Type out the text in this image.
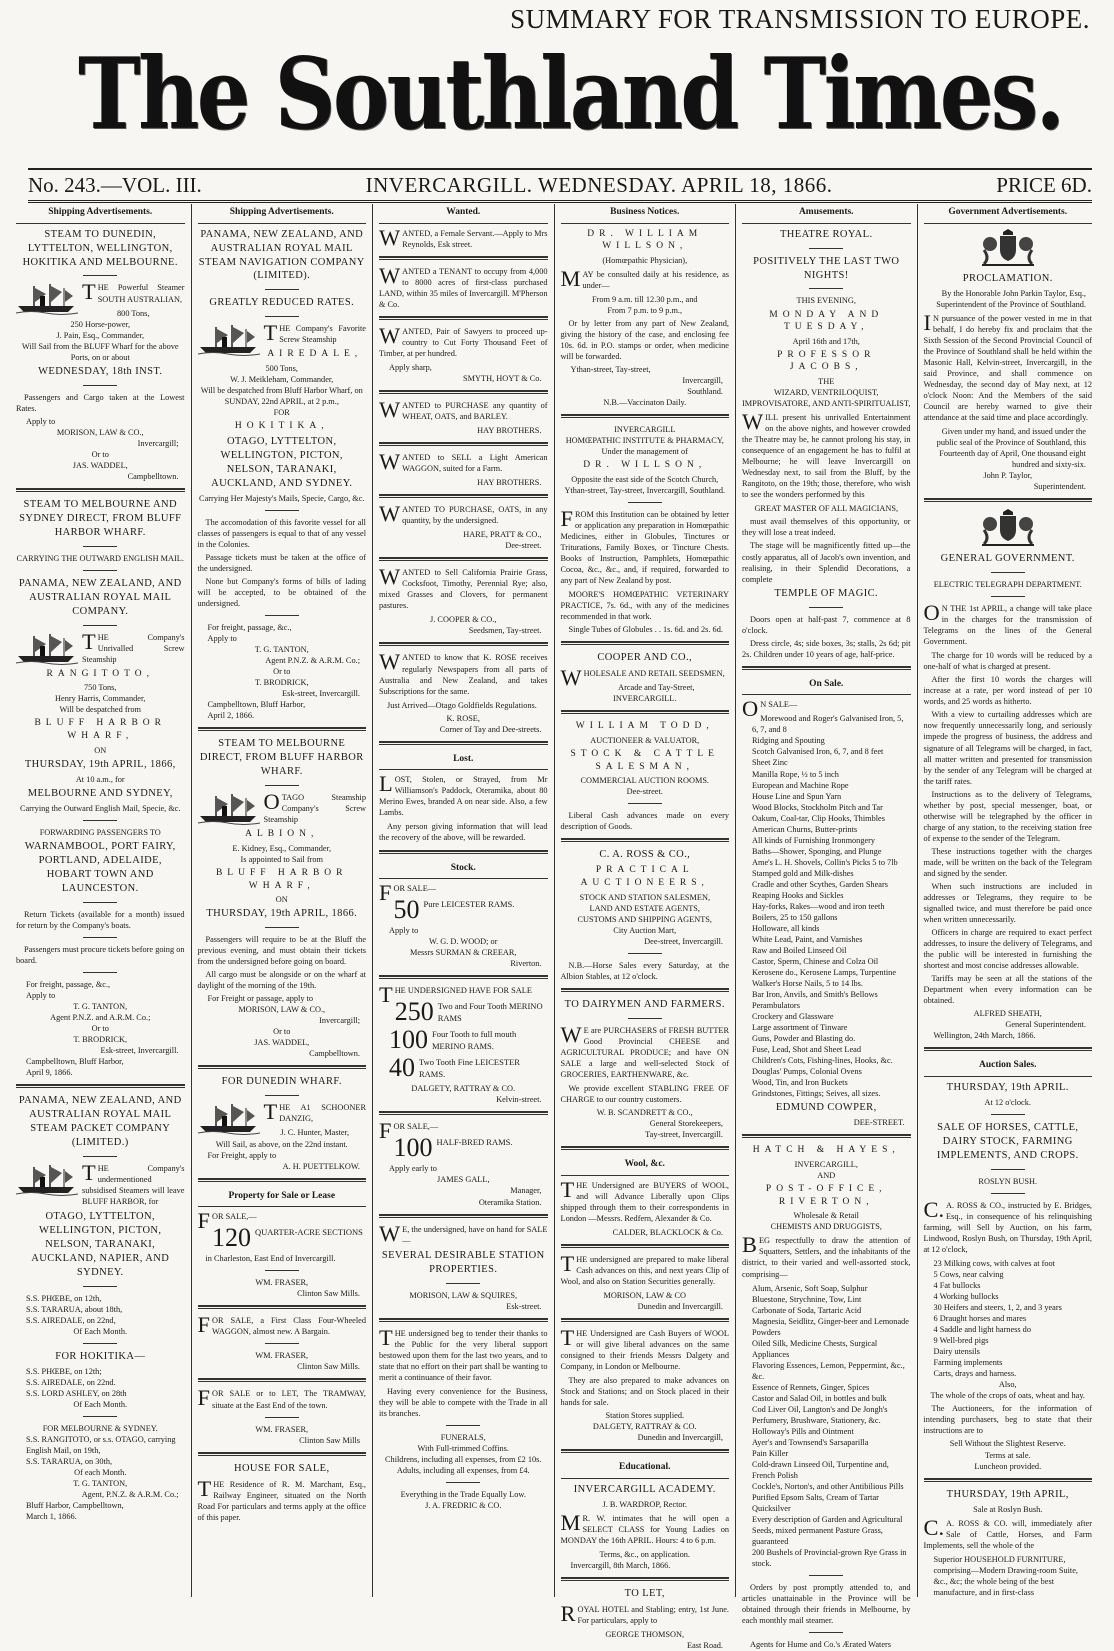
SUMMARY FOR TRANSMISSION TO EUROPE.
The Southland Times.
No. 243.—VOL. III.	INVERCARGILL. WEDNESDAY. APRIL 18, 1866.	PRICE 6D.
Shipping Advertisements.
STEAM TO DUNEDIN, LYTTELTON, WELLINGTON, HOKITIKA AND MELBOURNE.
THE Powerful Steamer SOUTH AUSTRALIAN,
800 Tons,
250 Horse-power,
J. Pain, Esq., Commander,
Will Sail from the BLUFF Wharf for the above Ports, on or about
WEDNESDAY, 18th INST.
Passengers and Cargo taken at the Lowest Rates.
Apply to
MORISON, LAW & CO.,
Invercargill;
Or to
JAS. WADDEL,
Campbelltown.
STEAM TO MELBOURNE AND SYDNEY DIRECT, FROM BLUFF HARBOR WHARF.
CARRYING THE OUTWARD ENGLISH MAIL.
PANAMA, NEW ZEALAND, AND AUSTRALIAN ROYAL MAIL COMPANY.
THE Company's Unrivalled Screw Steamship
RANGITOTO,
750 Tons,
Henry Harris, Commander,
Will be despatched from
BLUFF HARBOR WHARF,
ON
THURSDAY, 19th APRIL, 1866,
At 10 a.m., for
MELBOURNE AND SYDNEY,
Carrying the Outward English Mail, Specie, &c.
FORWARDING PASSENGERS TO
WARNAMBOOL, PORT FAIRY, PORTLAND, ADELAIDE, HOBART TOWN AND LAUNCESTON.
Return Tickets (available for a month) issued for return by the Company's boats.
Passengers must procure tickets before going on board.
For freight, passage, &c.,
Apply to
T. G. TANTON,
Agent P.N.Z. and A.R.M. Co.;
Or to
T. BRODRICK,
Esk-street, Invercargill.
Campbelltown, Bluff Harbor,
April 9, 1866.
PANAMA, NEW ZEALAND, AND AUSTRALIAN ROYAL MAIL STEAM PACKET COMPANY (LIMITED.)
THE Company's undermentioned subsidised Steamers will leave BLUFF HARBOR, for
OTAGO, LYTTELTON, WELLINGTON, PICTON, NELSON, TARANAKI, AUCKLAND, NAPIER, AND SYDNEY.
S.S. PHŒBE, on 12th,
S.S. TARARUA, about 18th,
S.S. AIREDALE, on 22nd,
Of Each Month.
FOR HOKITIKA—
S.S. PHŒBE, on 12th;
S.S. AIREDALE, on 22nd.
S.S. LORD ASHLEY, on 28th
Of Each Month.
FOR MELBOURNE & SYDNEY.
S.S. RANGITOTO, or s.s. OTAGO, carrying English Mail, on 19th,
S.S. TARARUA, on 30th,
Of each Month.
T. G. TANTON,
Agent, P.N.Z. & A.R.M. Co.;
Bluff Harbor, Campbelltown,
March 1, 1866.
Shipping Advertisements.
PANAMA, NEW ZEALAND, AND AUSTRALIAN ROYAL MAIL STEAM NAVIGATION COMPANY (LIMITED).
GREATLY REDUCED RATES.
THE Company's Favorite Screw Steamship
AIREDALE,
500 Tons,
W. J. Meikleham, Commander,
Will be despatched from Bluff Harbor Wharf, on
SUNDAY, 22nd APRIL, at 2 p.m.,
FOR
HOKITIKA,
OTAGO, LYTTELTON, WELLINGTON, PICTON, NELSON, TARANAKI, AUCKLAND, AND SYDNEY.
Carrying Her Majesty's Mails, Specie, Cargo, &c.
The accomodation of this favorite vessel for all classes of passengers is equal to that of any vessel in the Colonies.
Passage tickets must be taken at the office of the undersigned.
None but Company's forms of bills of lading will be accepted, to be obtained of the undersigned.
For freight, passage, &c.,
Apply to
T. G. TANTON,
Agent P.N.Z. & A.R.M. Co.;
Or to
T. BRODRICK,
Esk-street, Invercargill.
Campbelltown, Bluff Harbor,
April 2, 1866.
STEAM TO MELBOURNE DIRECT, FROM BLUFF HARBOR WHARF.
OTAGO Steamship Company's Screw Steamship
ALBION,
E. Kidney, Esq., Commander,
Is appointed to Sail from
BLUFF HARBOR WHARF,
ON
THURSDAY, 19th APRIL, 1866.
Passengers will require to be at the Bluff the previous evening, and must obtain their tickets from the undersigned before going on board.
All cargo must be alongside or on the wharf at daylight of the morning of the 19th.
For Freight or passage, apply to
MORISON, LAW & CO.,
Invercargill;
Or to
JAS. WADDEL,
Campbelltown.
FOR DUNEDIN WHARF.
THE A1 SCHOONER DANZIG,
J. C. Hunter, Master,
Will Sail, as above, on the 22nd instant.
For Freight, apply to
A. H. PUETTELKOW.
Property for Sale or Lease
FOR SALE,—
120 QUARTER-ACRE SECTIONS
in Charleston, East End of Invercargill.
WM. FRASER,
Clinton Saw Mills.
FOR SALE, a First Class Four-Wheeled WAGGON, almost new. A Bargain.
WM. FRASER,
Clinton Saw Mills.
FOR SALE or to LET, The TRAMWAY, situate at the East End of the town.
WM. FRASER,
Clinton Saw Mills
HOUSE FOR SALE,
THE Residence of R. M. Marchant, Esq., Railway Engineer, situated on the North Road For particulars and terms apply at the office of this paper.
Wanted.
WANTED, a Female Servant.—Apply to Mrs Reynolds, Esk street.
WANTED a TENANT to occupy from 4,000 to 8000 acres of first-class purchased LAND, within 35 miles of Invercargill. M'Pherson & Co.
WANTED, Pair of Sawyers to proceed up-country to Cut Forty Thousand Feet of Timber, at per hundred.
Apply sharp,
SMYTH, HOYT & Co.
WANTED to PURCHASE any quantity of WHEAT, OATS, and BARLEY.
HAY BROTHERS.
WANTED to SELL a Light American WAGGON, suited for a Farm.
HAY BROTHERS.
WANTED TO PURCHASE, OATS, in any quantity, by the undersigned.
HARE, PRATT & CO.,
Dee-street.
WANTED to Sell California Prairie Grass, Cocksfoot, Timothy, Perennial Rye; also, mixed Grasses and Clovers, for permanent pastures.
J. COOPER & CO.,
Seedsmen, Tay-street.
WANTED to know that K. ROSE receives regularly Newspapers from all parts of Australia and New Zealand, and takes Subscriptions for the same.
Just Arrived—Otago Goldfields Regulations.
K. ROSE,
Corner of Tay and Dee-streets.
Lost.
LOST, Stolen, or Strayed, from Mr Williamson's Paddock, Oteramika, about 80 Merino Ewes, branded A on near side. Also, a few Lambs.
Any person giving information that will lead the recovery of the above, will be rewarded.
Stock.
FOR SALE—
50 Pure LEICESTER RAMS.
Apply to
W. G. D. WOOD; or
Messrs SURMAN & CREEAR,
Riverton.
THE UNDERSIGNED HAVE FOR SALE
250 Two and Four Tooth MERINO RAMS
100 Four Tooth to full mouth MERINO RAMS.
40 Two Tooth Fine LEICESTER RAMS.
DALGETY, RATTRAY & CO.
Kelvin-street.
FOR SALE,—
100 HALF-BRED RAMS.
Apply early to
JAMES GALL,
Manager,
Oteramika Station.
WE, the undersigned, have on hand for SALE—
SEVERAL DESIRABLE STATION PROPERTIES.
MORISON, LAW & SQUIRES,
Esk-street.
THE undersigned beg to tender their thanks to the Public for the very liberal support bestowed upon them for the last two years, and to state that no effort on their part shall be wanting to merit a continuance of their favor.
Having every convenience for the Business, they will be able to compete with the Trade in all its branches.
FUNERALS,
With Full-trimmed Coffins.
Childrens, including all expenses, from £2 10s. Adults, including all expenses, from £4.
Everything in the Trade Equally Low.
J. A. FREDRIC & CO.
Business Notices.
DR. WILLIAM WILLSON,
(Homœpathic Physician),
MAY be consulted daily at his residence, as under—
From 9 a.m. till 12.30 p.m., and
From 7 p.m. to 9 p.m.,
Or by letter from any part of New Zealand, giving the history of the case, and enclosing fee 10s. 6d. in P.O. stamps or order, when medicine will be forwarded.
Ythan-street, Tay-street,
Invercargill,
Southland.
N.B.—Vaccinaton Daily.
INVERCARGILL
HOMŒPATHIC INSTITUTE & PHARMACY,
Under the management of
DR. WILLSON,
Opposite the east side of the Scotch Church, Ythan-street, Tay-street, Invercargill, Southland.
FROM this Institution can be obtained by letter or application any preparation in Homœpathic Medicines, either in Globules, Tinctures or Triturations, Family Boxes, or Tincture Chests. Books of Instruction, Pamphlets, Homœpathic Cocoa, &c., &c., and, if required, forwarded to any part of New Zealand by post.
MOORE'S HOMŒPATHIC VETERINARY PRACTICE, 7s. 6d., with any of the medicines recommended in that work.
Single Tubes of Globules . . 1s. 6d. and 2s. 6d.
COOPER AND CO.,
WHOLESALE AND RETAIL SEEDSMEN,
Arcade and Tay-Street,
INVERCARGILL.
WILLIAM TODD,
AUCTIONEER & VALUATOR,
STOCK & CATTLE SALESMAN,
COMMERCIAL AUCTION ROOMS.
Dee-street.
Liberal Cash advances made on every description of Goods.
C. A. ROSS & CO.,
PRACTICAL AUCTIONEERS,
STOCK AND STATION SALESMEN,
LAND AND ESTATE AGENTS,
CUSTOMS AND SHIPPING AGENTS,
City Auction Mart,
Dee-street, Invercargill.
N.B.—Horse Sales every Saturday, at the Albion Stables, at 12 o'clock.
TO DAIRYMEN AND FARMERS.
WE are PURCHASERS of FRESH BUTTER Good Provincial CHEESE and AGRICULTURAL PRODUCE; and have ON SALE a large and well-selected Stock of GROCERIES, EARTHENWARE, &c.
We provide excellent STABLING FREE OF CHARGE to our country customers.
W. B. SCANDRETT & CO.,
General Storekeepers,
Tay-street, Invercargill.
Wool, &c.
THE Undersigned are BUYERS of WOOL, and will Advance Liberally upon Clips shipped through them to their correspondents in London —Messrs. Redfern, Alexander & Co.
CALDER, BLACKLOCK & Co.
THE undersigned are prepared to make liberal Cash advances on this, and next years Clip of Wool, and also on Station Securities generally.
MORISON, LAW & CO
Dunedin and Invercargill.
THE Undersigned are Cash Buyers of WOOL or will give liberal advances on the same consigned to their friends Messrs Dalgety and Company, in London or Melbourne.
They are also prepared to make advances on Stock and Stations; and on Stock placed in their hands for sale.
Station Stores supplied.
DALGETY, RATTRAY & CO.
Dunedin and Invercargill,
Educational.
INVERCARGILL ACADEMY.
J. B. WARDROP, Rector.
MR. W. intimates that he will open a SELECT CLASS for Young Ladies on MONDAY the 16th APRIL. Hours: 4 to 6 p.m.
Terms, &c., on application.
Invercargill, 8th March, 1866.
TO LET,
ROYAL HOTEL and Stabling; entry, 1st June. For particulars, apply to
GEORGE THOMSON,
East Road.
Amusements.
THEATRE ROYAL.
POSITIVELY THE LAST TWO NIGHTS!
THIS EVENING,
MONDAY AND TUESDAY,
April 16th and 17th,
PROFESSOR JACOBS,
THE
WIZARD, VENTRILOQUIST, IMPROVISATORE, AND ANTI-SPIRITUALIST,
WILL present his unrivalled Entertainment on the above nights, and however crowded the Theatre may be, he cannot prolong his stay, in consequence of an engagement he has to fulfil at Melbourne; he will leave Invercargill on Wednesday next, to sail from the Bluff, by the Rangitoto, on the 19th; those, therefore, who wish to see the wonders performed by this
GREAT MASTER OF ALL MAGICIANS,
must avail themselves of this opportunity, or they will lose a treat indeed.
The stage will be magnificently fitted up—the costly apparatus, all of Jacob's own invention, and realising, in their Splendid Decorations, a complete
TEMPLE OF MAGIC.
Doors open at half-past 7, commence at 8 o'clock.
Dress circle, 4s; side boxes, 3s; stalls, 2s 6d; pit 2s. Children under 10 years of age, half-price.
On Sale.
ON SALE—
Morewood and Roger's Galvanised Iron, 5, 6, 7, and 8
Ridging and Spouting
Scotch Galvanised Iron, 6, 7, and 8 feet
Sheet Zinc
Manilla Rope, ½ to 5 inch
European and Machine Rope
House Line and Spun Yarn
Wood Blocks, Stockholm Pitch and Tar
Oakum, Coal-tar, Clip Hooks, Thimbles
American Churns, Butter-prints
All kinds of Furnishing Ironmongery
Baths—Shower, Sponging, and Plunge
Ame's L. H. Shovels, Collin's Picks 5 to 7lb
Stamped gold and Milk-dishes
Cradle and other Scythes, Garden Shears
Reaping Hooks and Sickles
Hay-forks, Rakes—wood and iron teeth
Boilers, 25 to 150 gallons
Holloware, all kinds
White Lead, Paint, and Varnishes
Raw and Boiled Linseed Oil
Castor, Sperm, Chinese and Colza Oil
Kerosene do., Kerosene Lamps, Turpentine
Walker's Horse Nails, 5 to 14 lbs.
Bar Iron, Anvils, and Smith's Bellows
Perambulators
Crockery and Glassware
Large assortment of Tinware
Guns, Powder and Blasting do.
Fuse, Lead, Shot and Sheet Lead
Children's Cots, Fishing-lines, Hooks, &c.
Douglas' Pumps, Colonial Ovens
Wood, Tin, and Iron Buckets
Grindstones, Fittings; Seives, all sizes.
EDMUND COWPER,
DEE-STREET.
HATCH & HAYES,
INVERCARGILL,
AND
POST-OFFICE, RIVERTON,
Wholesale & Retail
CHEMISTS AND DRUGGISTS,
BEG respectfully to draw the attention of Squatters, Settlers, and the inhabitants of the district, to their varied and well-assorted stock, comprising—
Alum, Arsenic, Soft Soap, Sulphur
Bluestone, Strychnine, Tow, Lint
Carbonate of Soda, Tartaric Acid
Magnesia, Seidlitz, Ginger-beer and Lemonade Powders
Oiled Silk, Medicine Chests, Surgical Appliances
Flavoring Essences, Lemon, Peppermint, &c., &c.
Essence of Rennets, Ginger, Spices
Castor and Salad Oil, in bottles and bulk
Cod Liver Oil, Langton's and De Jongh's
Perfumery, Brushware, Stationery, &c.
Holloway's Pills and Ointment
Ayer's and Townsend's Sarsaparilla
Pain Killer
Cold-drawn Linseed Oil, Turpentine and, French Polish
Cockle's, Norton's, and other Antibilious Pills
Purified Epsom Salts, Cream of Tartar Quicksilver
Every description of Garden and Agricultural Seeds, mixed permanent Pasture Grass, guaranteed
200 Bushels of Provincial-grown Rye Grass in stock.
Orders by post promptly attended to, and articles unattainable in the Province will be obtained through their friends in Melbourne, by each monthly mail steamer.
Agents for Hume and Co.'s Ærated Waters
Government Advertisements.
PROCLAMATION.
By the Honorable John Parkin Taylor, Esq., Superintendent of the Province of Southland.
IN pursuance of the power vested in me in that behalf, I do hereby fix and proclaim that the Sixth Session of the Second Provincial Council of the Province of Southland shall be held within the Masonic Hall, Kelvin-street, Invercargill, in the said Province, and shall commence on Wednesday, the second day of May next, at 12 o'clock Noon: And the Members of the said Council are hereby warned to give their attendance at the said time and place accordingly.
Given under my hand, and issued under the public seal of the Province of Southland, this Fourteenth day of April, One thousand eight hundred and sixty-six.
John P. Taylor,
Superintendent.
GENERAL GOVERNMENT.
ELECTRIC TELEGRAPH DEPARTMENT.
ON THE 1st APRIL, a change will take place in the charges for the transmission of Telegrams on the lines of the General Government.
The charge for 10 words will be reduced by a one-half of what is charged at present.
After the first 10 words the charges will increase at a rate, per word instead of per 10 words, and 25 words as hitherto.
With a view to curtailing addresses which are now frequently unnecessarily long, and seriously impede the progress of business, the address and signature of all Telegrams will be charged, in fact, all matter written and presented for transmission by the sender of any Telegram will be charged at the tariff rates.
Instructions as to the delivery of Telegrams, whether by post, special messenger, boat, or otherwise will be telegraphed by the officer in charge of any station, to the receiving station free of expense to the sender of the Telegram.
These instructions together with the charges made, will be written on the back of the Telegram and signed by the sender.
When such instructions are included in addresses or Telegrams, they require to be signalled twice, and must therefore be paid once when written unnecessarily.
Officers in charge are required to exact perfect addresses, to insure the delivery of Telegrams, and the public will be interested in furnishing the shortest and most concise addresses allowable.
Tariffs may be seen at all the stations of the Department when every information can be obtained.
ALFRED SHEATH,
General Superintendent.
Wellington, 24th March, 1866.
Auction Sales.
THURSDAY, 19th APRIL.
At 12 o'clock.
SALE OF HORSES, CATTLE, DAIRY STOCK, FARMING IMPLEMENTS, AND CROPS.
ROSLYN BUSH.
C.A. ROSS & CO., instructed by E. Bridges, Esq., in consequence of his relinquishing farming, will Sell by Auction, on his farm, Lindwood, Roslyn Bush, on Thursday, 19th April, at 12 o'clock,
23 Milking cows, with calves at foot
5 Cows, near calving
4 Fat bullocks
4 Working bullocks
30 Heifers and steers, 1, 2, and 3 years
6 Draught horses and mares
4 Saddle and light harness do
9 Well-bred pigs
Dairy utensils
Farming implements
Carts, drays and harness.
Also,
The whole of the crops of oats, wheat and hay.
The Auctioneers, for the information of intending purchasers, beg to state that their instructions are to
Sell Without the Slightest Reserve.
Terms at sale.
Luncheon provided.
THURSDAY, 19th APRIL,
Sale at Roslyn Bush.
C.A. ROSS & CO. will, immediately after Sale of Cattle, Horses, and Farm Implements, sell the whole of the
Superior HOUSEHOLD FURNITURE, comprising—Modern Drawing-room Suite, &c., &c; the whole being of the best manufacture, and in first-class
